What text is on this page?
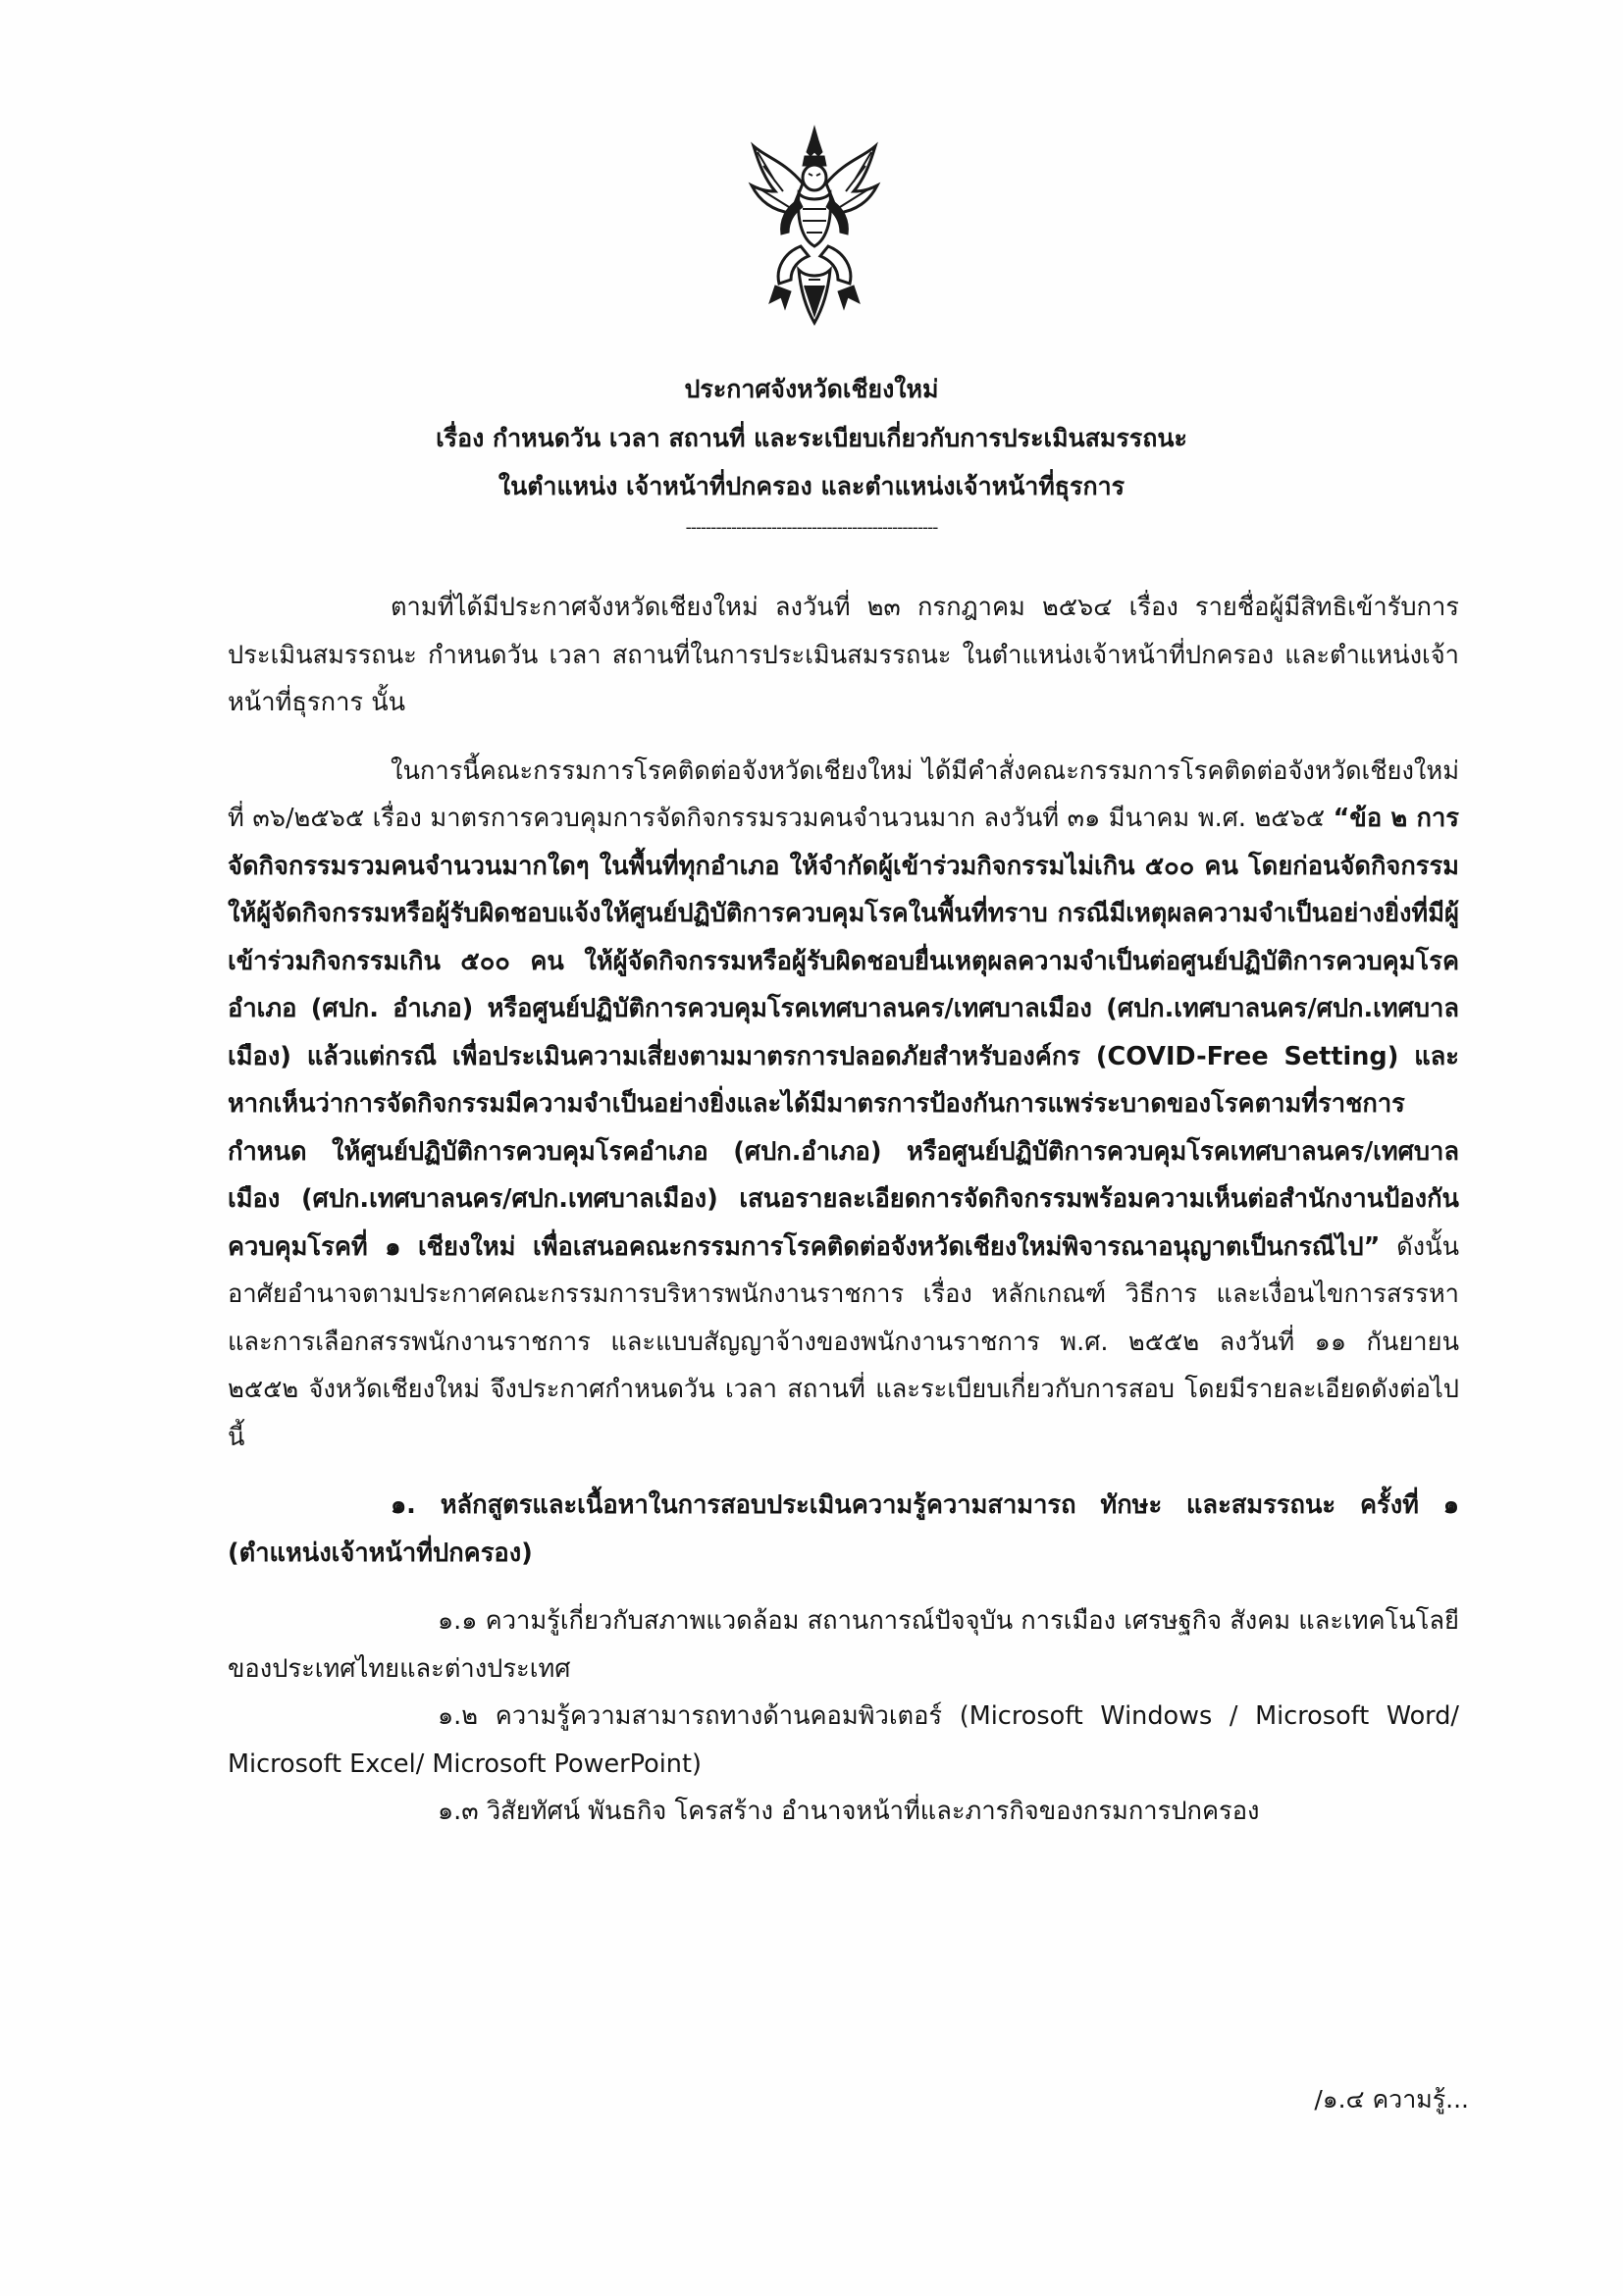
ประกาศจังหวัดเชียงใหม่
เรื่อง กำหนดวัน เวลา สถานที่ และระเบียบเกี่ยวกับการประเมินสมรรถนะ
ในตำแหน่ง เจ้าหน้าที่ปกครอง และตำแหน่งเจ้าหน้าที่ธุรการ
--------------------------------------------------

ตามที่ได้มีประกาศจังหวัดเชียงใหม่ ลงวันที่ ๒๓ กรกฎาคม ๒๕๖๔ เรื่อง รายชื่อผู้มีสิทธิเข้ารับการประเมินสมรรถนะ กำหนดวัน เวลา สถานที่ในการประเมินสมรรถนะ ในตำแหน่งเจ้าหน้าที่ปกครอง และตำแหน่งเจ้าหน้าที่ธุรการ นั้น

ในการนี้คณะกรรมการโรคติดต่อจังหวัดเชียงใหม่ ได้มีคำสั่งคณะกรรมการโรคติดต่อจังหวัดเชียงใหม่ ที่ ๓๖/๒๕๖๕ เรื่อง มาตรการควบคุมการจัดกิจกรรมรวมคนจำนวนมาก ลงวันที่ ๓๑ มีนาคม พ.ศ. ๒๕๖๕ “ข้อ ๒ การจัดกิจกรรมรวมคนจำนวนมากใดๆ ในพื้นที่ทุกอำเภอ ให้จำกัดผู้เข้าร่วมกิจกรรมไม่เกิน ๕๐๐ คน โดยก่อนจัดกิจกรรมให้ผู้จัดกิจกรรมหรือผู้รับผิดชอบแจ้งให้ศูนย์ปฏิบัติการควบคุมโรคในพื้นที่ทราบ กรณีมีเหตุผลความจำเป็นอย่างยิ่งที่มีผู้เข้าร่วมกิจกรรมเกิน ๕๐๐ คน ให้ผู้จัดกิจกรรมหรือผู้รับผิดชอบยื่นเหตุผลความจำเป็นต่อศูนย์ปฏิบัติการควบคุมโรคอำเภอ (ศปก. อำเภอ) หรือศูนย์ปฏิบัติการควบคุมโรคเทศบาลนคร/เทศบาลเมือง (ศปก.เทศบาลนคร/ศปก.เทศบาลเมือง) แล้วแต่กรณี เพื่อประเมินความเสี่ยงตามมาตรการปลอดภัยสำหรับองค์กร (COVID-Free Setting) และหากเห็นว่าการจัดกิจกรรมมีความจำเป็นอย่างยิ่งและได้มีมาตรการป้องกันการแพร่ระบาดของโรคตามที่ราชการกำหนด ให้ศูนย์ปฏิบัติการควบคุมโรคอำเภอ (ศปก.อำเภอ) หรือศูนย์ปฏิบัติการควบคุมโรคเทศบาลนคร/เทศบาลเมือง (ศปก.เทศบาลนคร/ศปก.เทศบาลเมือง) เสนอรายละเอียดการจัดกิจกรรมพร้อมความเห็นต่อสำนักงานป้องกันควบคุมโรคที่ ๑ เชียงใหม่ เพื่อเสนอคณะกรรมการโรคติดต่อจังหวัดเชียงใหม่พิจารณาอนุญาตเป็นกรณีไป” ดังนั้น อาศัยอำนาจตามประกาศคณะกรรมการบริหารพนักงานราชการ เรื่อง หลักเกณฑ์ วิธีการ และเงื่อนไขการสรรหาและการเลือกสรรพนักงานราชการ และแบบสัญญาจ้างของพนักงานราชการ พ.ศ. ๒๕๕๒ ลงวันที่ ๑๑ กันยายน ๒๕๕๒ จังหวัดเชียงใหม่ จึงประกาศกำหนดวัน เวลา สถานที่ และระเบียบเกี่ยวกับการสอบ โดยมีรายละเอียดดังต่อไปนี้

๑. หลักสูตรและเนื้อหาในการสอบประเมินความรู้ความสามารถ ทักษะ และสมรรถนะ ครั้งที่ ๑ (ตำแหน่งเจ้าหน้าที่ปกครอง)

๑.๑ ความรู้เกี่ยวกับสภาพแวดล้อม สถานการณ์ปัจจุบัน การเมือง เศรษฐกิจ สังคม และเทคโนโลยีของประเทศไทยและต่างประเทศ

๑.๒ ความรู้ความสามารถทางด้านคอมพิวเตอร์ (Microsoft Windows / Microsoft Word/ Microsoft Excel/ Microsoft PowerPoint)

๑.๓ วิสัยทัศน์ พันธกิจ โครสร้าง อำนาจหน้าที่และภารกิจของกรมการปกครอง

/๑.๔ ความรู้...
